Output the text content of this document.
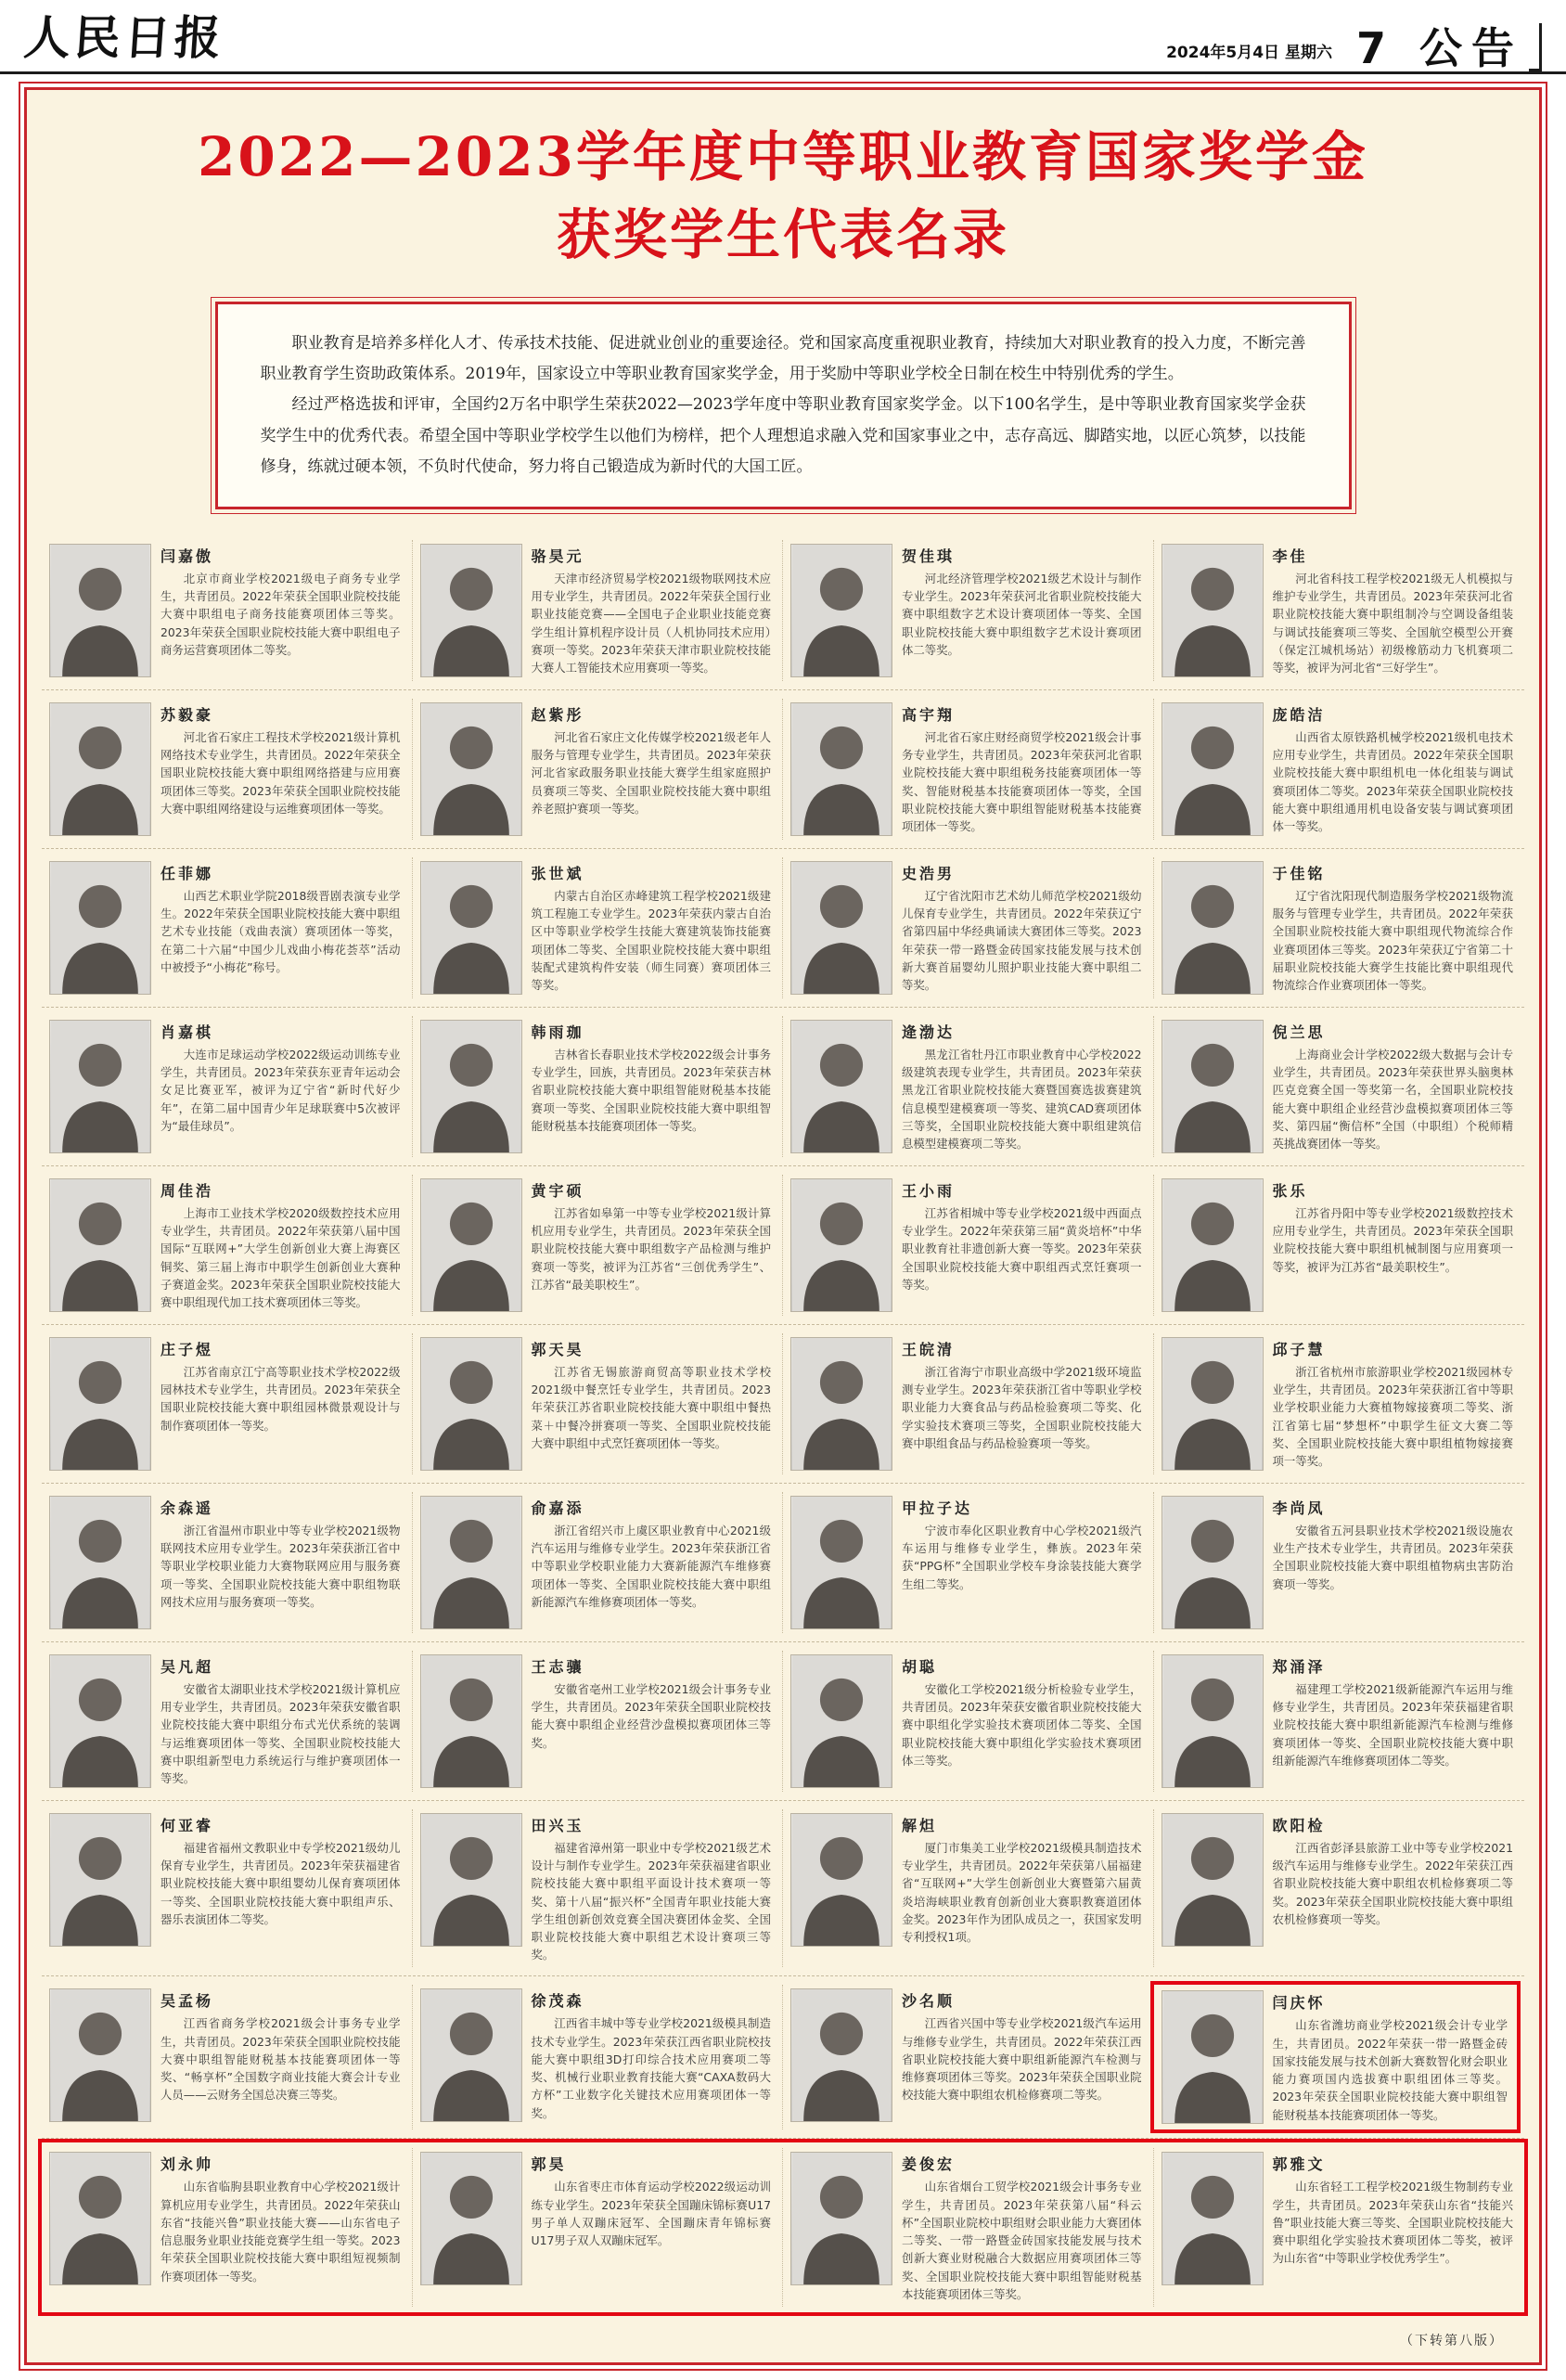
人民日报	2024年5月4日 星期六 7 公告
2022—2023学年度中等职业教育国家奖学金
获奖学生代表名录

职业教育是培养多样化人才、传承技术技能、促进就业创业的重要途径。党和国家高度重视职业教育，持续加大对职业教育的投入力度，不断完善职业教育学生资助政策体系。2019年，国家设立中等职业教育国家奖学金，用于奖励中等职业学校全日制在校生中特别优秀的学生。

经过严格选拔和评审，全国约2万名中职学生荣获2022—2023学年度中等职业教育国家奖学金。以下100名学生，是中等职业教育国家奖学金获奖学生中的优秀代表。希望全国中等职业学校学生以他们为榜样，把个人理想追求融入党和国家事业之中，志存高远、脚踏实地，以匠心筑梦，以技能修身，练就过硬本领，不负时代使命，努力将自己锻造成为新时代的大国工匠。

闫嘉傲
北京市商业学校2021级电子商务专业学生，共青团员。2022年荣获全国职业院校技能大赛中职组电子商务技能赛项团体三等奖。2023年荣获全国职业院校技能大赛中职组电子商务运营赛项团体二等奖。
骆昊元
天津市经济贸易学校2021级物联网技术应用专业学生，共青团员。2022年荣获全国行业职业技能竞赛——全国电子企业职业技能竞赛学生组计算机程序设计员（人机协同技术应用）赛项一等奖。2023年荣获天津市职业院校技能大赛人工智能技术应用赛项一等奖。
贺佳琪
河北经济管理学校2021级艺术设计与制作专业学生。2023年荣获河北省职业院校技能大赛中职组数字艺术设计赛项团体一等奖、全国职业院校技能大赛中职组数字艺术设计赛项团体二等奖。
李佳
河北省科技工程学校2021级无人机模拟与维护专业学生，共青团员。2023年荣获河北省职业院校技能大赛中职组制冷与空调设备组装与调试技能赛项三等奖、全国航空模型公开赛（保定江城机场站）初级橡筋动力飞机赛项二等奖，被评为河北省“三好学生”。
苏毅豪
河北省石家庄工程技术学校2021级计算机网络技术专业学生，共青团员。2022年荣获全国职业院校技能大赛中职组网络搭建与应用赛项团体三等奖。2023年荣获全国职业院校技能大赛中职组网络建设与运维赛项团体一等奖。
赵紫彤
河北省石家庄文化传媒学校2021级老年人服务与管理专业学生，共青团员。2023年荣获河北省家政服务职业技能大赛学生组家庭照护员赛项三等奖、全国职业院校技能大赛中职组养老照护赛项一等奖。
高宇翔
河北省石家庄财经商贸学校2021级会计事务专业学生，共青团员。2023年荣获河北省职业院校技能大赛中职组税务技能赛项团体一等奖、智能财税基本技能赛项团体一等奖，全国职业院校技能大赛中职组智能财税基本技能赛项团体一等奖。
庞皓洁
山西省太原铁路机械学校2021级机电技术应用专业学生，共青团员。2022年荣获全国职业院校技能大赛中职组机电一体化组装与调试赛项团体二等奖。2023年荣获全国职业院校技能大赛中职组通用机电设备安装与调试赛项团体一等奖。
任菲娜
山西艺术职业学院2018级晋剧表演专业学生。2022年荣获全国职业院校技能大赛中职组艺术专业技能（戏曲表演）赛项团体一等奖，在第二十六届“中国少儿戏曲小梅花荟萃”活动中被授予“小梅花”称号。
张世斌
内蒙古自治区赤峰建筑工程学校2021级建筑工程施工专业学生。2023年荣获内蒙古自治区中等职业学校学生技能大赛建筑装饰技能赛项团体二等奖、全国职业院校技能大赛中职组装配式建筑构件安装（师生同赛）赛项团体三等奖。
史浩男
辽宁省沈阳市艺术幼儿师范学校2021级幼儿保育专业学生，共青团员。2022年荣获辽宁省第四届中华经典诵读大赛团体三等奖。2023年荣获一带一路暨金砖国家技能发展与技术创新大赛首届婴幼儿照护职业技能大赛中职组二等奖。
于佳铭
辽宁省沈阳现代制造服务学校2021级物流服务与管理专业学生，共青团员。2022年荣获全国职业院校技能大赛中职组现代物流综合作业赛项团体三等奖。2023年荣获辽宁省第二十届职业院校技能大赛学生技能比赛中职组现代物流综合作业赛项团体一等奖。
肖嘉棋
大连市足球运动学校2022级运动训练专业学生，共青团员。2023年荣获东亚青年运动会女足比赛亚军，被评为辽宁省“新时代好少年”，在第二届中国青少年足球联赛中5次被评为“最佳球员”。
韩雨珈
吉林省长春职业技术学校2022级会计事务专业学生，回族，共青团员。2023年荣获吉林省职业院校技能大赛中职组智能财税基本技能赛项一等奖、全国职业院校技能大赛中职组智能财税基本技能赛项团体一等奖。
逄渤达
黑龙江省牡丹江市职业教育中心学校2022级建筑表现专业学生，共青团员。2023年荣获黑龙江省职业院校技能大赛暨国赛选拔赛建筑信息模型建模赛项一等奖、建筑CAD赛项团体三等奖，全国职业院校技能大赛中职组建筑信息模型建模赛项二等奖。
倪兰思
上海商业会计学校2022级大数据与会计专业学生，共青团员。2023年荣获世界头脑奥林匹克竞赛全国一等奖第一名，全国职业院校技能大赛中职组企业经营沙盘模拟赛项团体三等奖、第四届“衡信杯”全国（中职组）个税师精英挑战赛团体一等奖。
周佳浩
上海市工业技术学校2020级数控技术应用专业学生，共青团员。2022年荣获第八届中国国际“互联网+”大学生创新创业大赛上海赛区铜奖、第三届上海市中职学生创新创业大赛种子赛道金奖。2023年荣获全国职业院校技能大赛中职组现代加工技术赛项团体三等奖。
黄宇硕
江苏省如皋第一中等专业学校2021级计算机应用专业学生，共青团员。2023年荣获全国职业院校技能大赛中职组数字产品检测与维护赛项一等奖，被评为江苏省“三创优秀学生”、江苏省“最美职校生”。
王小雨
江苏省相城中等专业学校2021级中西面点专业学生。2022年荣获第三届“黄炎培杯”中华职业教育社非遗创新大赛一等奖。2023年荣获全国职业院校技能大赛中职组西式烹饪赛项一等奖。
张乐
江苏省丹阳中等专业学校2021级数控技术应用专业学生，共青团员。2023年荣获全国职业院校技能大赛中职组机械制图与应用赛项一等奖，被评为江苏省“最美职校生”。
庄子煜
江苏省南京江宁高等职业技术学校2022级园林技术专业学生，共青团员。2023年荣获全国职业院校技能大赛中职组园林微景观设计与制作赛项团体一等奖。
郭天昊
江苏省无锡旅游商贸高等职业技术学校2021级中餐烹饪专业学生，共青团员。2023年荣获江苏省职业院校技能大赛中职组中餐热菜＋中餐冷拼赛项一等奖、全国职业院校技能大赛中职组中式烹饪赛项团体一等奖。
王皖清
浙江省海宁市职业高级中学2021级环境监测专业学生。2023年荣获浙江省中等职业学校职业能力大赛食品与药品检验赛项二等奖、化学实验技术赛项三等奖，全国职业院校技能大赛中职组食品与药品检验赛项一等奖。
邱子慧
浙江省杭州市旅游职业学校2021级园林专业学生，共青团员。2023年荣获浙江省中等职业学校职业能力大赛植物嫁接赛项二等奖、浙江省第七届“梦想杯”中职学生征文大赛二等奖、全国职业院校技能大赛中职组植物嫁接赛项一等奖。
余森遥
浙江省温州市职业中等专业学校2021级物联网技术应用专业学生。2023年荣获浙江省中等职业学校职业能力大赛物联网应用与服务赛项一等奖、全国职业院校技能大赛中职组物联网技术应用与服务赛项一等奖。
俞嘉添
浙江省绍兴市上虞区职业教育中心2021级汽车运用与维修专业学生。2023年荣获浙江省中等职业学校职业能力大赛新能源汽车维修赛项团体一等奖、全国职业院校技能大赛中职组新能源汽车维修赛项团体一等奖。
甲拉子达
宁波市奉化区职业教育中心学校2021级汽车运用与维修专业学生，彝族。2023年荣获“PPG杯”全国职业学校车身涂装技能大赛学生组二等奖。
李尚凤
安徽省五河县职业技术学校2021级设施农业生产技术专业学生，共青团员。2023年荣获全国职业院校技能大赛中职组植物病虫害防治赛项一等奖。
吴凡超
安徽省太湖职业技术学校2021级计算机应用专业学生，共青团员。2023年荣获安徽省职业院校技能大赛中职组分布式光伏系统的装调与运维赛项团体一等奖、全国职业院校技能大赛中职组新型电力系统运行与维护赛项团体一等奖。
王志骧
安徽省亳州工业学校2021级会计事务专业学生，共青团员。2023年荣获全国职业院校技能大赛中职组企业经营沙盘模拟赛项团体三等奖。
胡聪
安徽化工学校2021级分析检验专业学生，共青团员。2023年荣获安徽省职业院校技能大赛中职组化学实验技术赛项团体二等奖、全国职业院校技能大赛中职组化学实验技术赛项团体三等奖。
郑涌泽
福建理工学校2021级新能源汽车运用与维修专业学生，共青团员。2023年荣获福建省职业院校技能大赛中职组新能源汽车检测与维修赛项团体一等奖、全国职业院校技能大赛中职组新能源汽车维修赛项团体二等奖。
何亚睿
福建省福州文教职业中专学校2021级幼儿保育专业学生，共青团员。2023年荣获福建省职业院校技能大赛中职组婴幼儿保育赛项团体一等奖、全国职业院校技能大赛中职组声乐、器乐表演团体二等奖。
田兴玉
福建省漳州第一职业中专学校2021级艺术设计与制作专业学生。2023年荣获福建省职业院校技能大赛中职组平面设计技术赛项一等奖、第十八届“振兴杯”全国青年职业技能大赛学生组创新创效竞赛全国决赛团体金奖、全国职业院校技能大赛中职组艺术设计赛项三等奖。
解炟
厦门市集美工业学校2021级模具制造技术专业学生，共青团员。2022年荣获第八届福建省“互联网+”大学生创新创业大赛暨第六届黄炎培海峡职业教育创新创业大赛职教赛道团体金奖。2023年作为团队成员之一，获国家发明专利授权1项。
欧阳检
江西省彭泽县旅游工业中等专业学校2021级汽车运用与维修专业学生。2022年荣获江西省职业院校技能大赛中职组农机检修赛项二等奖。2023年荣获全国职业院校技能大赛中职组农机检修赛项一等奖。
吴孟杨
江西省商务学校2021级会计事务专业学生，共青团员。2023年荣获全国职业院校技能大赛中职组智能财税基本技能赛项团体一等奖、“畅享杯”全国数字商业技能大赛会计专业人员——云财务全国总决赛三等奖。
徐茂森
江西省丰城中等专业学校2021级模具制造技术专业学生。2023年荣获江西省职业院校技能大赛中职组3D打印综合技术应用赛项二等奖、机械行业职业教育技能大赛“CAXA数码大方杯”工业数字化关键技术应用赛项团体一等奖。
沙名顺
江西省兴国中等专业学校2021级汽车运用与维修专业学生，共青团员。2022年荣获江西省职业院校技能大赛中职组新能源汽车检测与维修赛项团体三等奖。2023年荣获全国职业院校技能大赛中职组农机检修赛项二等奖。
闫庆怀
山东省潍坊商业学校2021级会计专业学生，共青团员。2022年荣获一带一路暨金砖国家技能发展与技术创新大赛数智化财会职业能力赛项国内选拔赛中职组团体三等奖。2023年荣获全国职业院校技能大赛中职组智能财税基本技能赛项团体一等奖。
刘永帅
山东省临朐县职业教育中心学校2021级计算机应用专业学生，共青团员。2022年荣获山东省“技能兴鲁”职业技能大赛——山东省电子信息服务业职业技能竞赛学生组一等奖。2023年荣获全国职业院校技能大赛中职组短视频制作赛项团体一等奖。
郭昊
山东省枣庄市体育运动学校2022级运动训练专业学生。2023年荣获全国蹦床锦标赛U17男子单人双蹦床冠军、全国蹦床青年锦标赛U17男子双人双蹦床冠军。
姜俊宏
山东省烟台工贸学校2021级会计事务专业学生，共青团员。2023年荣获第八届“科云杯”全国职业院校中职组财会职业能力大赛团体二等奖、一带一路暨金砖国家技能发展与技术创新大赛业财税融合大数据应用赛项团体三等奖、全国职业院校技能大赛中职组智能财税基本技能赛项团体三等奖。
郭雅文
山东省轻工工程学校2021级生物制药专业学生，共青团员。2023年荣获山东省“技能兴鲁”职业技能大赛三等奖、全国职业院校技能大赛中职组化学实验技术赛项团体二等奖，被评为山东省“中等职业学校优秀学生”。
（下转第八版）
